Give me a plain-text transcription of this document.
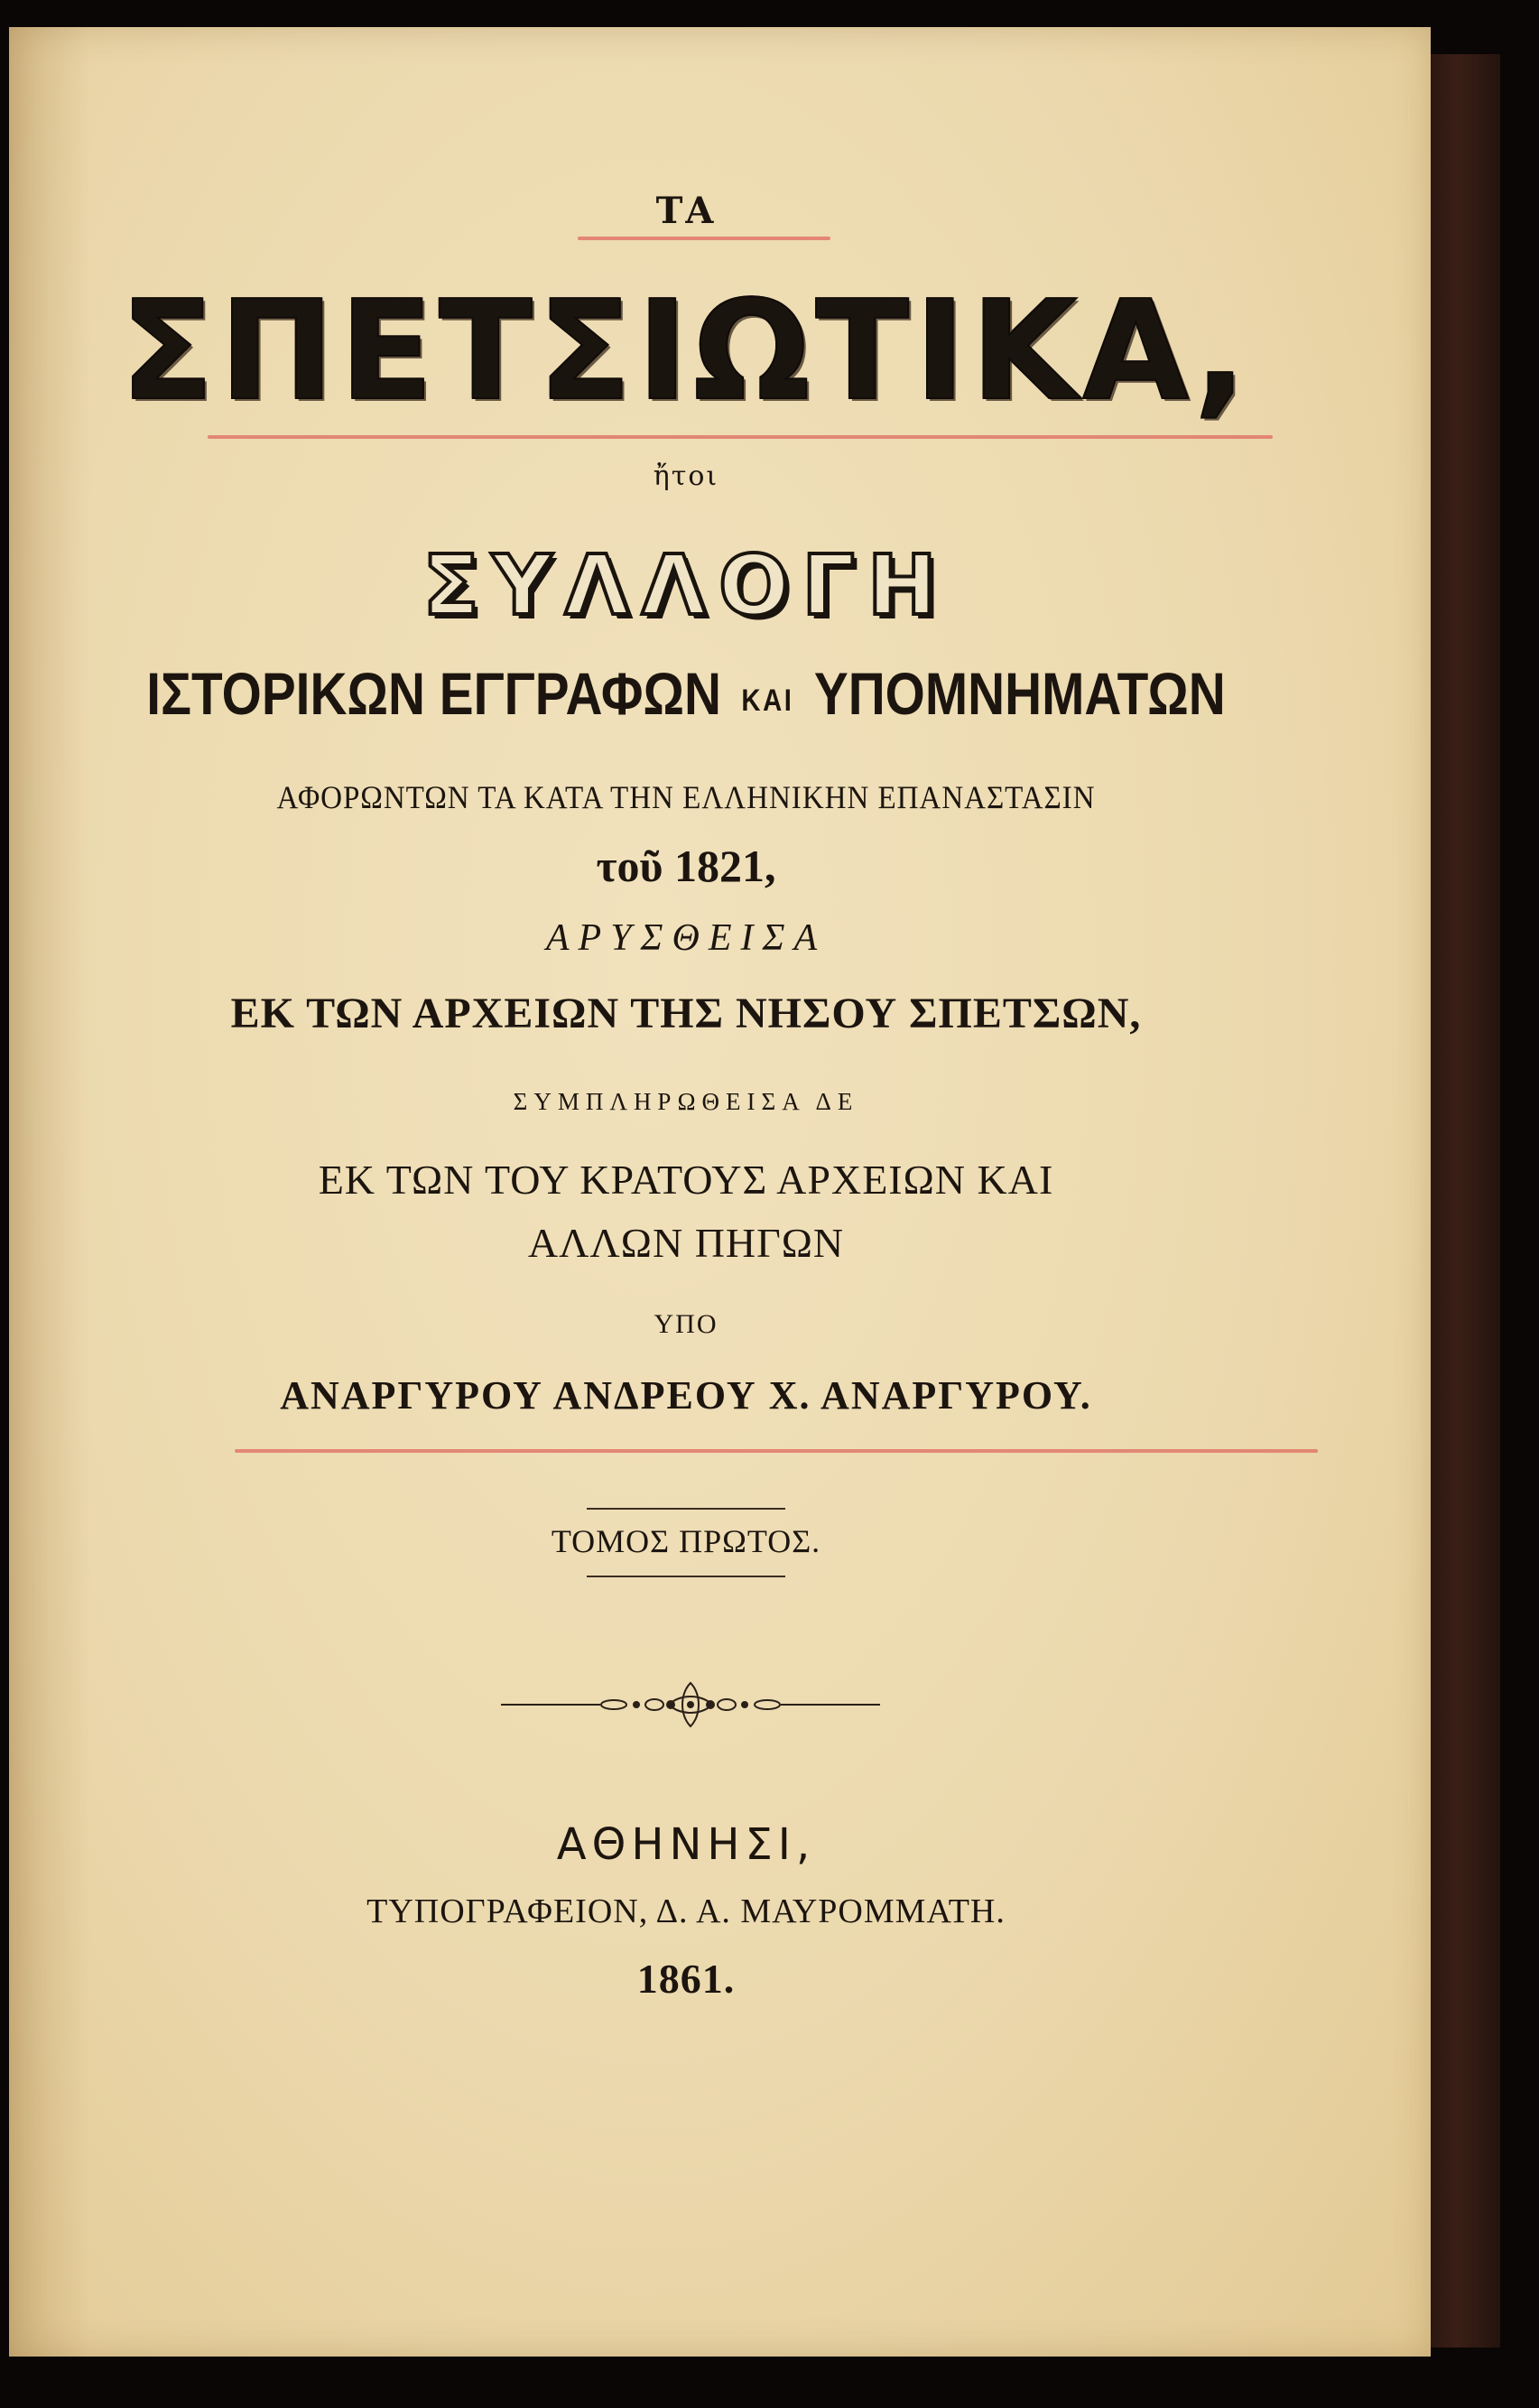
ΤΑ
ΣΠΕΤΣΙΩΤΙΚΑ,
ἤτοι
ΣΥΛΛΟΓΗ
ΙΣΤΟΡΙΚΩΝ ΕΓΓΡΑΦΩΝ ΚΑΙ ΥΠΟΜΝΗΜΑΤΩΝ
ΑΦΟΡΩΝΤΩΝ ΤΑ ΚΑΤΑ ΤΗΝ ΕΛΛΗΝΙΚΗΝ ΕΠΑΝΑΣΤΑΣΙΝ
τοῦ 1821,
ΑΡΥΣΘΕΙΣΑ
ΕΚ ΤΩΝ ΑΡΧΕΙΩΝ ΤΗΣ ΝΗΣΟΥ ΣΠΕΤΣΩΝ,
ΣΥΜΠΛΗΡΩΘΕΙΣΑ ΔΕ
ΕΚ ΤΩΝ ΤΟΥ ΚΡΑΤΟΥΣ ΑΡΧΕΙΩΝ ΚΑΙ
ΑΛΛΩΝ ΠΗΓΩΝ
ΥΠΟ
ΑΝΑΡΓΥΡΟΥ ΑΝΔΡΕΟΥ Χ. ΑΝΑΡΓΥΡΟΥ.
ΤΟΜΟΣ ΠΡΩΤΟΣ.
ΑΘΗΝΗΣΙ,
ΤΥΠΟΓΡΑΦΕΙΟΝ, Δ. Α. ΜΑΥΡΟΜΜΑΤΗ.
1861.
